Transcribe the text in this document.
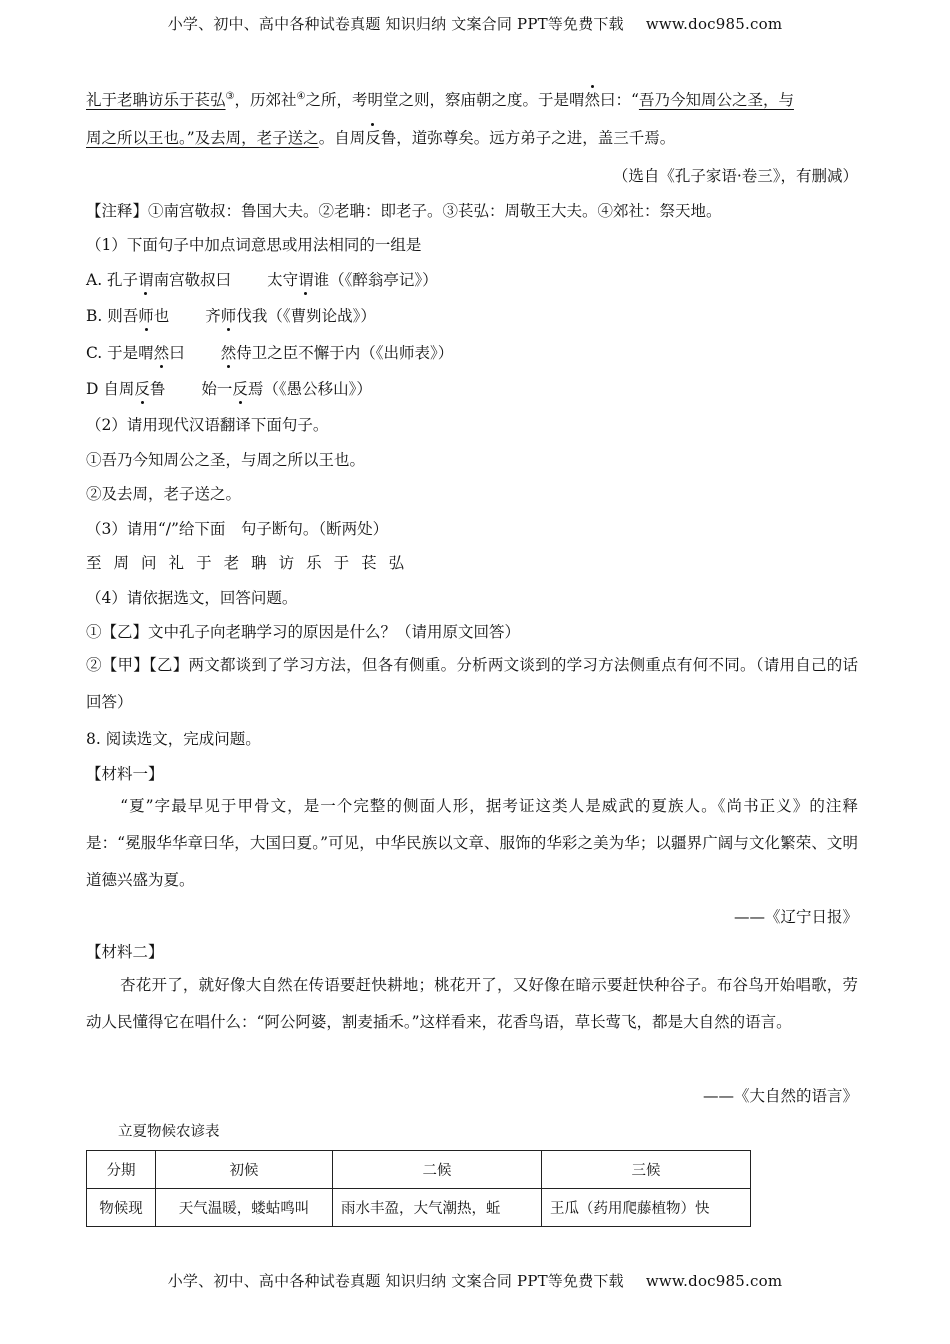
小学、初中、高中各种试卷真题 知识归纳 文案合同 PPT等免费下载 www.doc985.com
礼于老聃访乐于苌弘③，历郊社④之所，考明堂之则，察庙朝之度。于是喟然曰：“吾乃今知周公之圣，与
周之所以王也。”及去周，老子送之。自周反鲁，道弥尊矣。远方弟子之进，盖三千焉。
（选自《孔子家语·卷三》，有删减）
【注释】①南宫敬叔：鲁国大夫。②老聃：即老子。③苌弘：周敬王大夫。④郊社：祭天地。
（1）下面句子中加点词意思或用法相同的一组是
A. 孔子谓南宫敬叔曰 太守谓谁（《醉翁亭记》）
B. 则吾师也 齐师伐我（《曹刿论战》）
C. 于是喟然曰 然侍卫之臣不懈于内（《出师表》）
D 自周反鲁 始一反焉（《愚公移山》）
（2）请用现代汉语翻译下面句子。
①吾乃今知周公之圣，与周之所以王也。
②及去周，老子送之。
（3）请用“/”给下面　句子断句。（断两处）
至 周 问 礼 于 老 聃 访 乐 于 苌 弘
（4）请依据选文，回答问题。
①【乙】文中孔子向老聃学习的原因是什么？（请用原文回答）
②【甲】【乙】两文都谈到了学习方法，但各有侧重。分析两文谈到的学习方法侧重点有何不同。（请用自己的话回答）
8. 阅读选文，完成问题。
【材料一】
“夏”字最早见于甲骨文，是一个完整的侧面人形，据考证这类人是威武的夏族人。《尚书正义》的注释是：“冕服华华章曰华，大国曰夏。”可见，中华民族以文章、服饰的华彩之美为华；以疆界广阔与文化繁荣、文明道德兴盛为夏。
——《辽宁日报》
【材料二】
杏花开了，就好像大自然在传语要赶快耕地；桃花开了，又好像在暗示要赶快种谷子。布谷鸟开始唱歌，劳动人民懂得它在唱什么：“阿公阿婆，割麦插禾。”这样看来，花香鸟语，草长莺飞，都是大自然的语言。
——《大自然的语言》
立夏物候农谚表
分期	初候	二候	三候
物候现	天气温暖，蝼蛄鸣叫	雨水丰盈，大气潮热，蚯	王瓜（药用爬藤植物）快
小学、初中、高中各种试卷真题 知识归纳 文案合同 PPT等免费下载 www.doc985.com
